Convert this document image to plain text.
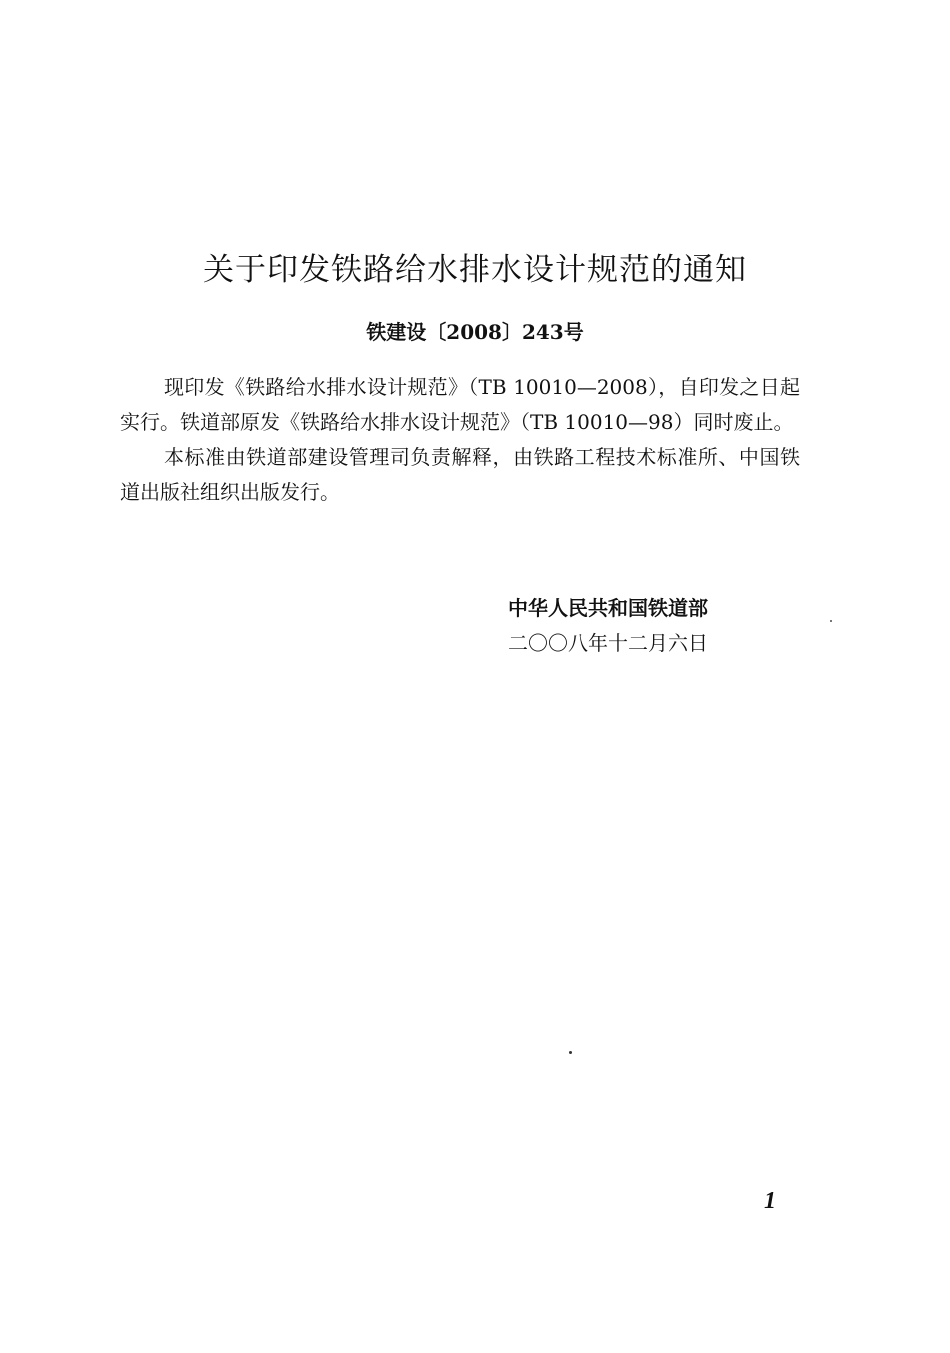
关于印发铁路给水排水设计规范的通知
铁建设〔2008〕243号

现印发《铁路给水排水设计规范》（TB 10010—2008），自印发之日起实行。铁道部原发《铁路给水排水设计规范》（TB 10010—98）同时废止。

本标准由铁道部建设管理司负责解释，由铁路工程技术标准所、中国铁道出版社组织出版发行。

中华人民共和国铁道部
二〇〇八年十二月六日
1
